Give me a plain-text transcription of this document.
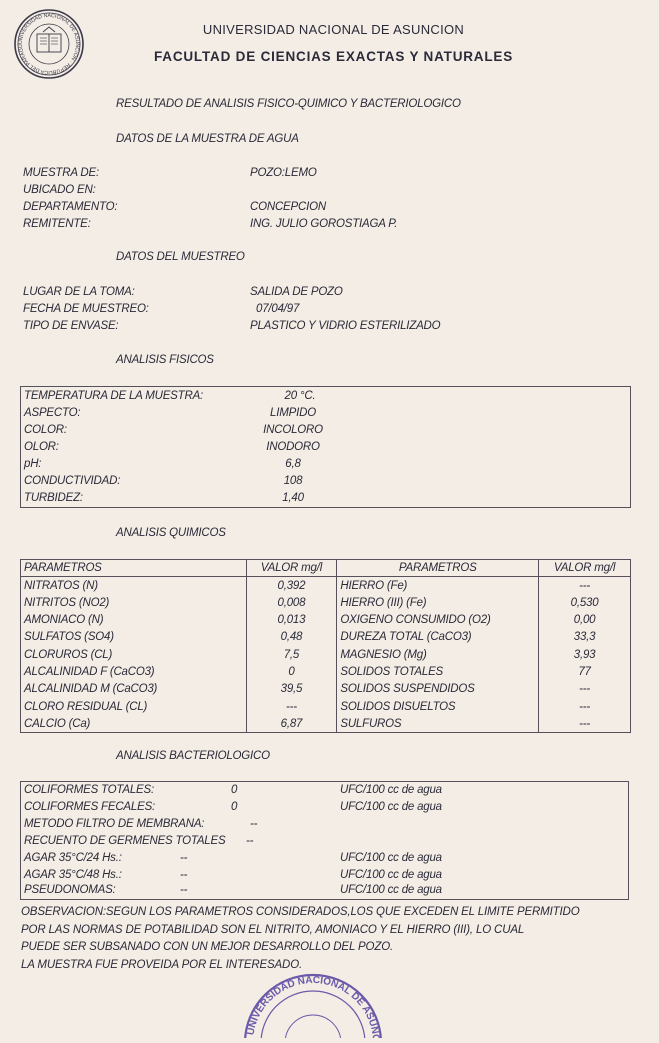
UNIVERSIDAD NACIONAL DE ASUNCION · REPUBLICA DEL PARAGU
UNIVERSIDAD NACIONAL DE ASUNCION
FACULTAD DE CIENCIAS EXACTAS Y NATURALES
RESULTADO DE ANALISIS FISICO-QUIMICO Y BACTERIOLOGICO
DATOS DE LA MUESTRA DE AGUA
MUESTRA DE:	POZO:LEMO
UBICADO EN:
DEPARTAMENTO:	CONCEPCION
REMITENTE:	ING. JULIO GOROSTIAGA P.
DATOS DEL MUESTREO
LUGAR DE LA TOMA:	SALIDA DE POZO
FECHA DE MUESTREO:	07/04/97
TIPO DE ENVASE:	PLASTICO Y VIDRIO ESTERILIZADO
ANALISIS FISICOS
TEMPERATURA DE LA MUESTRA:	20 °C.
ASPECTO:	LIMPIDO
COLOR:	INCOLORO
OLOR:	INODORO
pH:	6,8
CONDUCTIVIDAD:	108
TURBIDEZ:	1,40
ANALISIS QUIMICOS
PARAMETROS	VALOR mg/l	PARAMETROS	VALOR mg/l
NITRATOS (N)	0,392	HIERRO (Fe)	---
NITRITOS (NO2)	0,008	HIERRO (III) (Fe)	0,530
AMONIACO (N)	0,013	OXIGENO CONSUMIDO (O2)	0,00
SULFATOS (SO4)	0,48	DUREZA TOTAL (CaCO3)	33,3
CLORUROS (CL)	7,5	MAGNESIO (Mg)	3,93
ALCALINIDAD F (CaCO3)	0	SOLIDOS TOTALES	77
ALCALINIDAD M (CaCO3)	39,5	SOLIDOS SUSPENDIDOS	---
CLORO RESIDUAL (CL)	---	SOLIDOS DISUELTOS	---
CALCIO (Ca)	6,87	SULFUROS	---
ANALISIS BACTERIOLOGICO
COLIFORMES TOTALES:	0	UFC/100 cc de agua
COLIFORMES FECALES:	0	UFC/100 cc de agua
METODO FILTRO DE MEMBRANA:	--
RECUENTO DE GERMENES TOTALES --
AGAR 35°C/24 Hs.:	--	UFC/100 cc de agua
AGAR 35°C/48 Hs.:	--	UFC/100 cc de agua
PSEUDONOMAS:	--	UFC/100 cc de agua
OBSERVACION:SEGUN LOS PARAMETROS CONSIDERADOS,LOS QUE EXCEDEN EL LIMITE PERMITIDO
POR LAS NORMAS DE POTABILIDAD SON EL NITRITO, AMONIACO Y EL HIERRO (III), LO CUAL
PUEDE SER SUBSANADO CON UN MEJOR DESARROLLO DEL POZO.
LA MUESTRA FUE PROVEIDA POR EL INTERESADO.
UNIVERSIDAD NACIONAL DE ASUNC
